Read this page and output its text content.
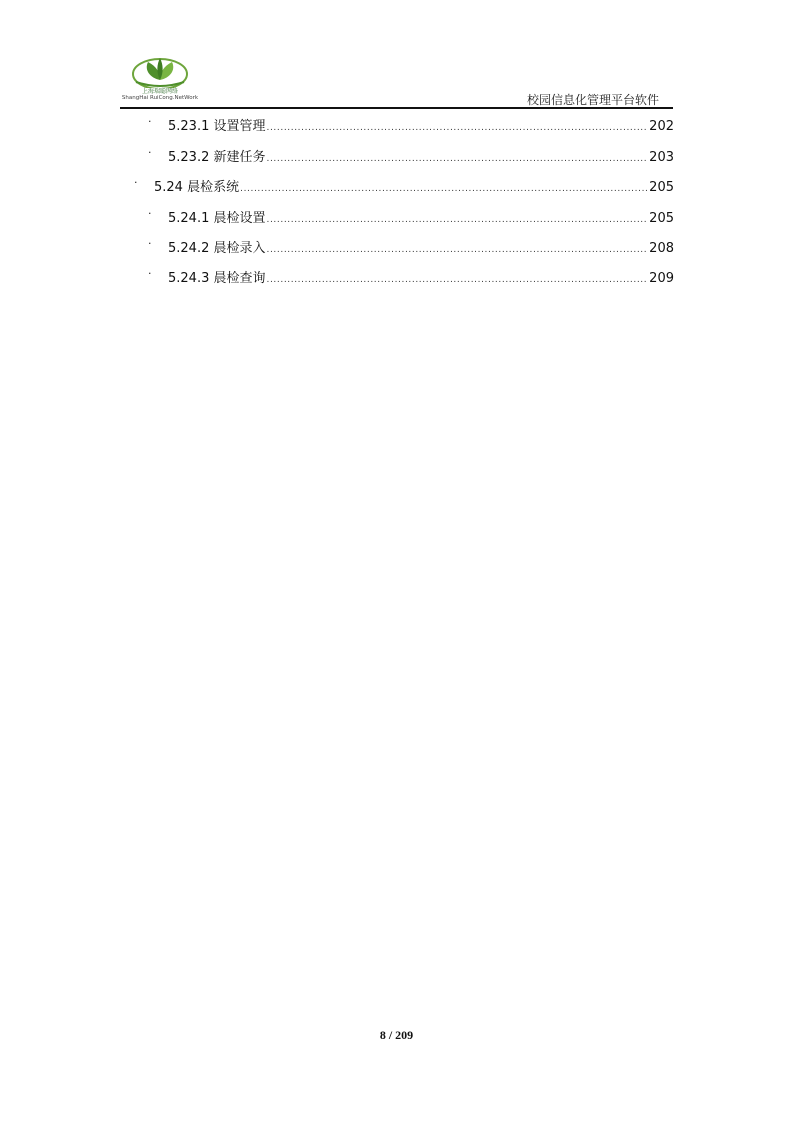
上海瑞聪网络
ShangHai RuiCong.NetWork	校园信息化管理平台软件
· 5.23.1 设置管理 .....	202
· 5.23.2 新建任务 .....	203
· 5.24 晨检系统 .....	205
· 5.24.1 晨检设置 .....	205
· 5.24.2 晨检录入 .....	208
· 5.24.3 晨检查询 .....	209
8 / 209
